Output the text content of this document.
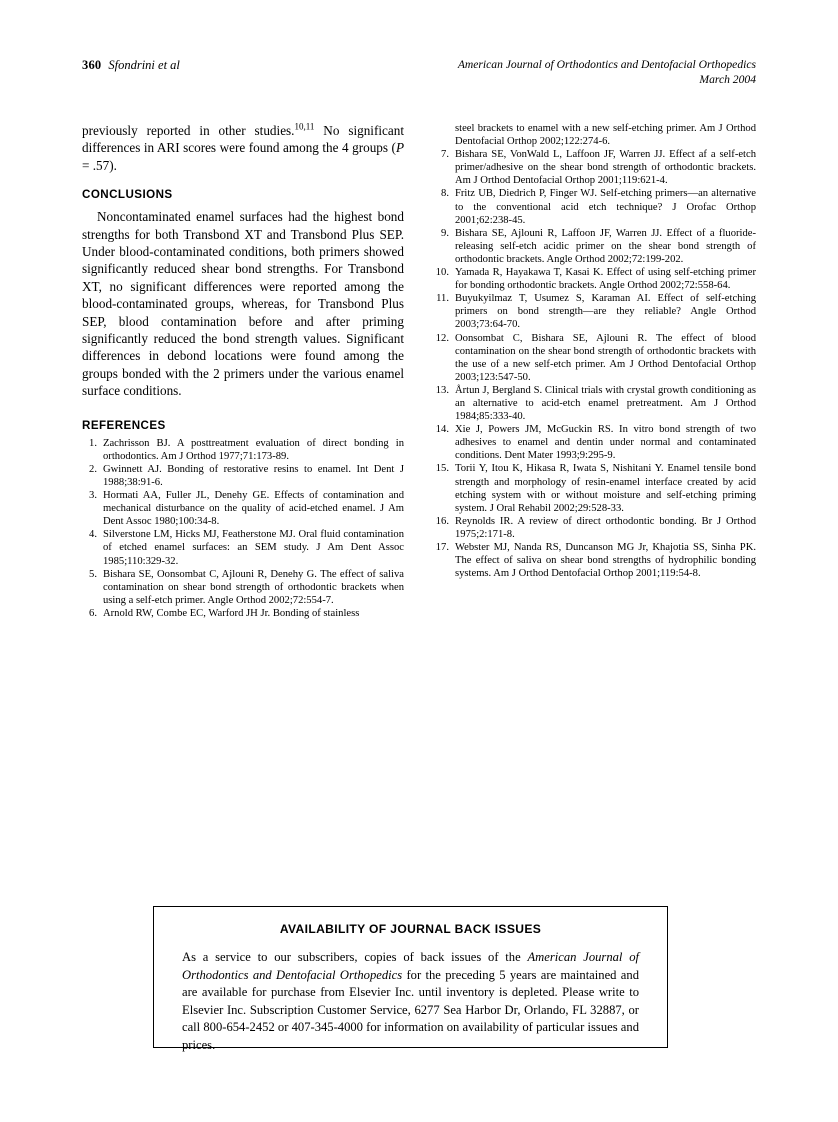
360 Sfondrini et al	American Journal of Orthodontics and Dentofacial Orthopedics
March 2004

previously reported in other studies.$^{10,11}$ No significant differences in ARI scores were found among the 4 groups (P = .57).

CONCLUSIONS

Noncontaminated enamel surfaces had the highest bond strengths for both Transbond XT and Transbond Plus SEP. Under blood-contaminated conditions, both primers showed significantly reduced shear bond strengths. For Transbond XT, no significant differences were reported among the blood-contaminated groups, whereas, for Transbond Plus SEP, blood contamination before and after priming significantly reduced the bond strength values. Significant differences in debond locations were found among the groups bonded with the 2 primers under the various enamel surface conditions.

REFERENCES
1 . Zachrisson BJ. A posttreatment evaluation of direct bonding in orthodontics. Am J Orthod 1977;71:173-89.
2 . Gwinnett AJ. Bonding of restorative resins to enamel. Int Dent J 1988;38:91-6.
3 . Hormati AA, Fuller JL, Denehy GE. Effects of contamination and mechanical disturbance on the quality of acid-etched enamel. J Am Dent Assoc 1980;100:34-8.
4 . Silverstone LM, Hicks MJ, Featherstone MJ. Oral fluid contamination of etched enamel surfaces: an SEM study. J Am Dent Assoc 1985;110:329-32.
5 . Bishara SE, Oonsombat C, Ajlouni R, Denehy G. The effect of saliva contamination on shear bond strength of orthodontic brackets when using a self-etch primer. Angle Orthod 2002;72:554-7.
6 . Arnold RW, Combe EC, Warford JH Jr. Bonding of stainless

steel brackets to enamel with a new self-etching primer. Am J Orthod Dentofacial Orthop 2002;122:274-6.

7 . Bishara SE, VonWald L, Laffoon JF, Warren JJ. Effect af a self-etch primer/adhesive on the shear bond strength of orthodontic brackets. Am J Orthod Dentofacial Orthop 2001;119:621-4.
8 . Fritz UB, Diedrich P, Finger WJ. Self-etching primers—an alternative to the conventional acid etch technique? J Orofac Orthop 2001;62:238-45.
9 . Bishara SE, Ajlouni R, Laffoon JF, Warren JJ. Effect of a fluoride-releasing self-etch acidic primer on the shear bond strength of orthodontic brackets. Angle Orthod 2002;72:199-202.
10 . Yamada R, Hayakawa T, Kasai K. Effect of using self-etching primer for bonding orthodontic brackets. Angle Orthod 2002;72:558-64.
11 . Buyukyilmaz T, Usumez S, Karaman AI. Effect of self-etching primers on bond strength—are they reliable? Angle Orthod 2003;73:64-70.
12 . Oonsombat C, Bishara SE, Ajlouni R. The effect of blood contamination on the shear bond strength of orthodontic brackets with the use of a new self-etch primer. Am J Orthod Dentofacial Orthop 2003;123:547-50.
13 . Årtun J, Bergland S. Clinical trials with crystal growth conditioning as an alternative to acid-etch enamel pretreatment. Am J Orthod 1984;85:333-40.
14 . Xie J, Powers JM, McGuckin RS. In vitro bond strength of two adhesives to enamel and dentin under normal and contaminated conditions. Dent Mater 1993;9:295-9.
15 . Torii Y, Itou K, Hikasa R, Iwata S, Nishitani Y. Enamel tensile bond strength and morphology of resin-enamel interface created by acid etching system with or without moisture and self-etching priming system. J Oral Rehabil 2002;29:528-33.
16 . Reynolds IR. A review of direct orthodontic bonding. Br J Orthod 1975;2:171-8.
17 . Webster MJ, Nanda RS, Duncanson MG Jr, Khajotia SS, Sinha PK. The effect of saliva on shear bond strengths of hydrophilic bonding systems. Am J Orthod Dentofacial Orthop 2001;119:54-8.
AVAILABILITY OF JOURNAL BACK ISSUES
As a service to our subscribers, copies of back issues of the American Journal of Orthodontics and Dentofacial Orthopedics for the preceding 5 years are maintained and are available for purchase from Elsevier Inc. until inventory is depleted. Please write to Elsevier Inc. Subscription Customer Service, 6277 Sea Harbor Dr, Orlando, FL 32887, or call 800-654-2452 or 407-345-4000 for information on availability of particular issues and prices.
